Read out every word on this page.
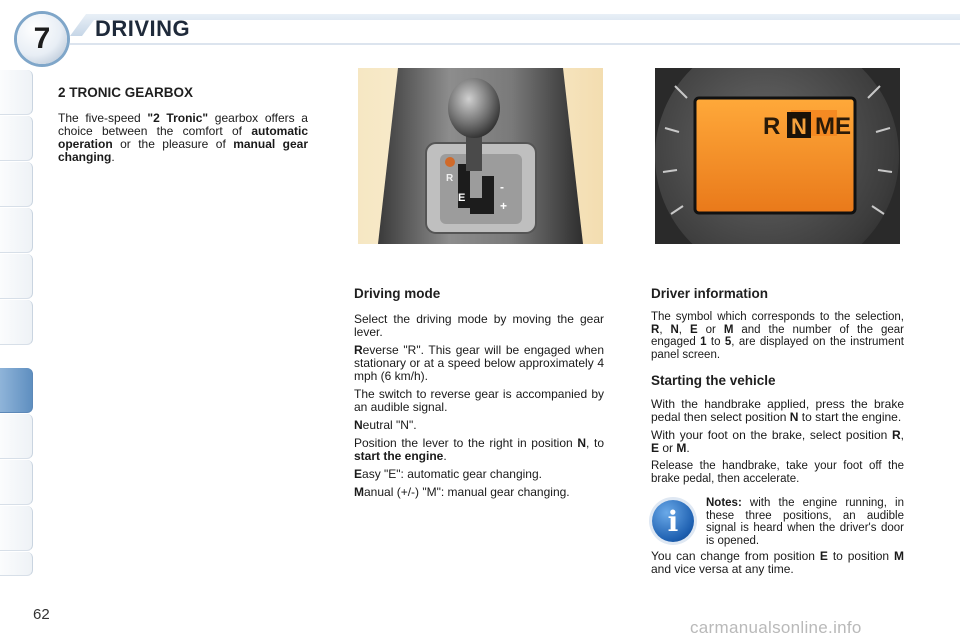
7 DRIVING
2 TRONIC GEARBOX

The five-speed "2 Tronic" gearbox offers a choice between the comfort of automatic operation or the pleasure of manual gear changing.

R
E
-
+
R N ME
Driving mode

Select the driving mode by moving the gear lever.

Reverse "R". This gear will be engaged when stationary or at a speed below approximately 4 mph (6 km/h).

The switch to reverse gear is accompanied by an audible signal.

Neutral "N".

Position the lever to the right in position N, to start the engine.

Easy "E": automatic gear changing.

Manual (+/-) "M": manual gear changing.

Driver information

The symbol which corresponds to the selection, R, N, E or M and the number of the gear engaged 1 to 5, are displayed on the instrument panel screen.

Starting the vehicle

With the handbrake applied, press the brake pedal then select position N to start the engine.

With your foot on the brake, select position R, E or M.

Release the handbrake, take your foot off the brake pedal, then accelerate.

i

Notes: with the engine running, in these three positions, an audible signal is heard when the driver's door is opened.

You can change from position E to position M and vice versa at any time.

62
carmanualsonline.info
